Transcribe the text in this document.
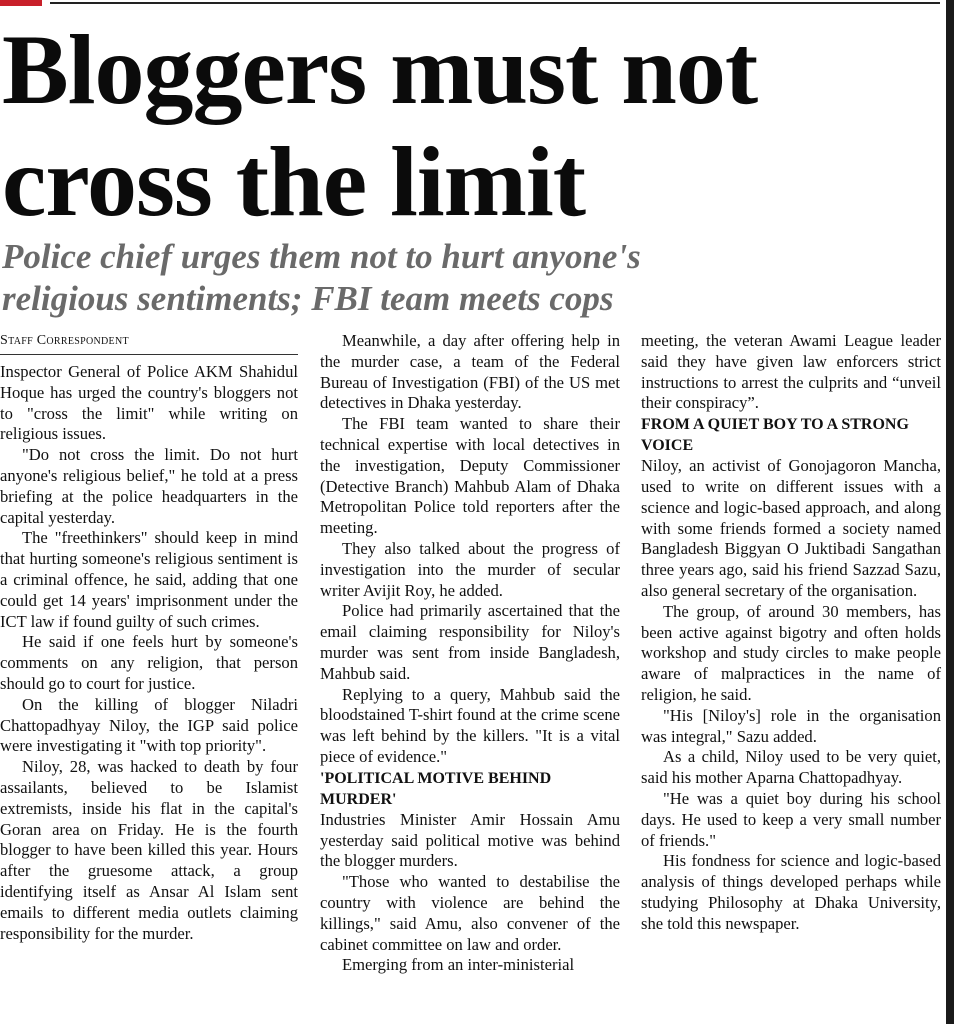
Bloggers must not
cross the limit
Police chief urges them not to hurt anyone's
religious sentiments; FBI team meets cops
Staff Correspondent

Inspector General of Police AKM Shahidul Hoque has urged the country's bloggers not to "cross the limit" while writing on religious issues.

"Do not cross the limit. Do not hurt anyone's religious belief," he told at a press briefing at the police headquarters in the capital yesterday.

The "freethinkers" should keep in mind that hurting someone's religious sentiment is a criminal offence, he said, adding that one could get 14 years' imprisonment under the ICT law if found guilty of such crimes.

He said if one feels hurt by someone's comments on any religion, that person should go to court for justice.

On the killing of blogger Niladri Chattopadhyay Niloy, the IGP said police were investigating it "with top priority".

Niloy, 28, was hacked to death by four assailants, believed to be Islamist extremists, inside his flat in the capital's Goran area on Friday. He is the fourth blogger to have been killed this year. Hours after the gruesome attack, a group identifying itself as Ansar Al Islam sent emails to different media outlets claiming responsibility for the murder.

Meanwhile, a day after offering help in the murder case, a team of the Federal Bureau of Investigation (FBI) of the US met detectives in Dhaka yesterday.

The FBI team wanted to share their technical expertise with local detectives in the investigation, Deputy Commissioner (Detective Branch) Mahbub Alam of Dhaka Metropolitan Police told reporters after the meeting.

They also talked about the progress of investigation into the murder of secular writer Avijit Roy, he added.

Police had primarily ascertained that the email claiming responsibility for Niloy's murder was sent from inside Bangladesh, Mahbub said.

Replying to a query, Mahbub said the bloodstained T-shirt found at the crime scene was left behind by the killers. "It is a vital piece of evidence."

'POLITICAL MOTIVE BEHIND MURDER'

Industries Minister Amir Hossain Amu yesterday said political motive was behind the blogger murders.

"Those who wanted to destabilise the country with violence are behind the killings," said Amu, also convener of the cabinet committee on law and order.

Emerging from an inter-ministerial

meeting, the veteran Awami League leader said they have given law enforcers strict instructions to arrest the culprits and “unveil their conspiracy”.

FROM A QUIET BOY TO A STRONG VOICE

Niloy, an activist of Gonojagoron Mancha, used to write on different issues with a science and logic-based approach, and along with some friends formed a society named Bangladesh Biggyan O Juktibadi Sangathan three years ago, said his friend Sazzad Sazu, also general secretary of the organisation.

The group, of around 30 members, has been active against bigotry and often holds workshop and study circles to make people aware of malpractices in the name of religion, he said.

"His [Niloy's] role in the organisation was integral," Sazu added.

As a child, Niloy used to be very quiet, said his mother Aparna Chattopadhyay.

"He was a quiet boy during his school days. He used to keep a very small number of friends."

His fondness for science and logic-based analysis of things developed perhaps while studying Philosophy at Dhaka University, she told this newspaper.
